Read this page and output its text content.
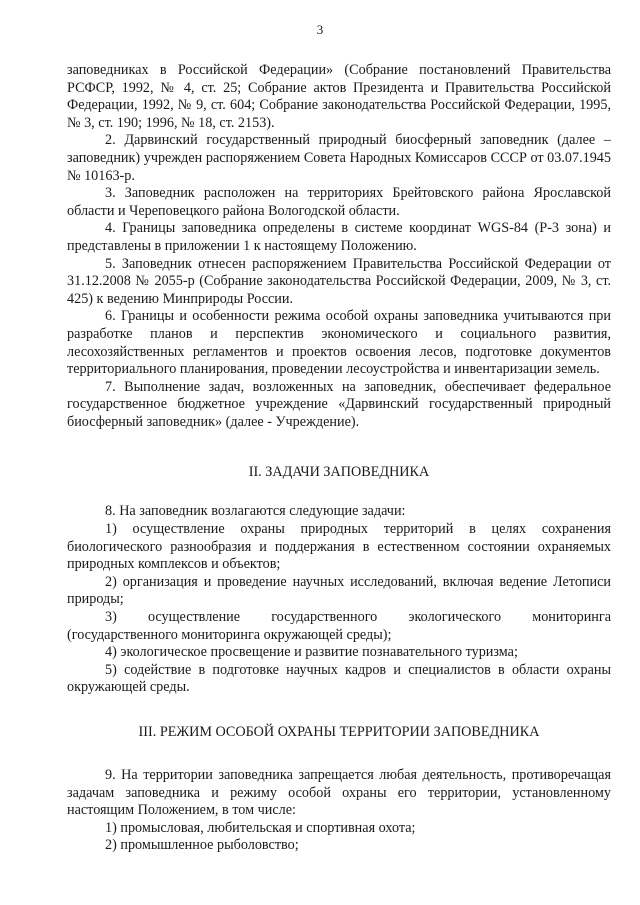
3

заповедниках в Российской Федерации» (Собрание постановлений Правительства РСФСР, 1992, № 4, ст. 25; Собрание актов Президента и Правительства Российской Федерации, 1992, № 9, ст. 604; Собрание законодательства Российской Федерации, 1995, № 3, ст. 190; 1996, № 18, ст. 2153).

2. Дарвинский государственный природный биосферный заповедник (далее – заповедник) учрежден распоряжением Совета Народных Комиссаров СССР от 03.07.1945 № 10163-р.

3. Заповедник расположен на территориях Брейтовского района Ярославской области и Череповецкого района Вологодской области.

4. Границы заповедника определены в системе координат WGS-84 (Р-3 зона) и представлены в приложении 1 к настоящему Положению.

5. Заповедник отнесен распоряжением Правительства Российской Федерации от 31.12.2008 № 2055-р (Собрание законодательства Российской Федерации, 2009, № 3, ст. 425) к ведению Минприроды России.

6. Границы и особенности режима особой охраны заповедника учитываются при разработке планов и перспектив экономического и социального развития, лесохозяйственных регламентов и проектов освоения лесов, подготовке документов территориального планирования, проведении лесоустройства и инвентаризации земель.

7. Выполнение задач, возложенных на заповедник, обеспечивает федеральное государственное бюджетное учреждение «Дарвинский государственный природный биосферный заповедник» (далее - Учреждение).

II. ЗАДАЧИ ЗАПОВЕДНИКА

8. На заповедник возлагаются следующие задачи:

1) осуществление охраны природных территорий в целях сохранения биологического разнообразия и поддержания в естественном состоянии охраняемых природных комплексов и объектов;

2) организация и проведение научных исследований, включая ведение Летописи природы;

3) осуществление государственного экологического мониторинга (государственного мониторинга окружающей среды);

4) экологическое просвещение и развитие познавательного туризма;

5) содействие в подготовке научных кадров и специалистов в области охраны окружающей среды.

III. РЕЖИМ ОСОБОЙ ОХРАНЫ ТЕРРИТОРИИ ЗАПОВЕДНИКА

9. На территории заповедника запрещается любая деятельность, противоречащая задачам заповедника и режиму особой охраны его территории, установленному настоящим Положением, в том числе:

1) промысловая, любительская и спортивная охота;

2) промышленное рыболовство;
